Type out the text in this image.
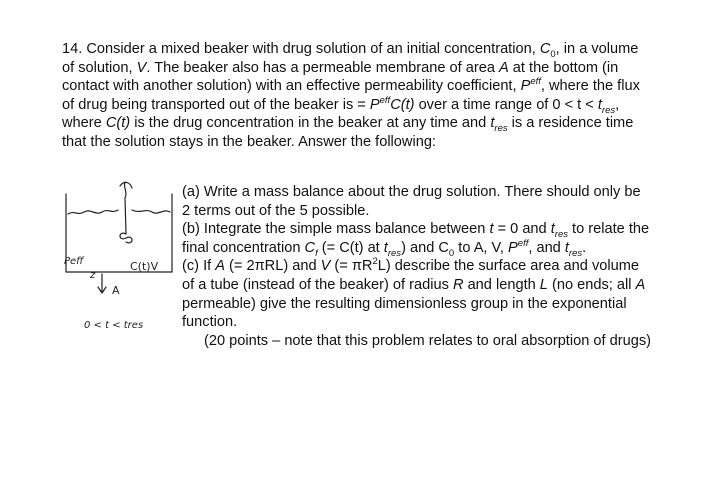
14. Consider a mixed beaker with drug solution of an initial concentration, $C_0$, in a volume of solution, V. The beaker also has a permeable membrane of area A at the bottom (in contact with another solution) with an effective permeability coefficient, $P^{eff}$, where the flux of drug being transported out of the beaker is = $P^{eff}C(t)$ over a time range of $0 < t < t_{res}$, where C(t) is the drug concentration in the beaker at any time and $t_{res}$ is a residence time that the solution stays in the beaker. Answer the following:

Peff
z
C(t)V
A
0 < t < tres

(a) Write a mass balance about the drug solution. There should only be 2 terms out of the 5 possible.

(b) Integrate the simple mass balance between t = 0 and $t_{res}$ to relate the final concentration $C_f$ (= C(t) at $t_{res}$) and $C_0$ to A, V, $P^{eff}$, and $t_{res}$.

(c) If A (= 2πRL) and V (= $\pi R^2L$) describe the surface area and volume of a tube (instead of the beaker) of radius R and length L (no ends; all A permeable) give the resulting dimensionless group in the exponential function.

(20 points – note that this problem relates to oral absorption of drugs)
